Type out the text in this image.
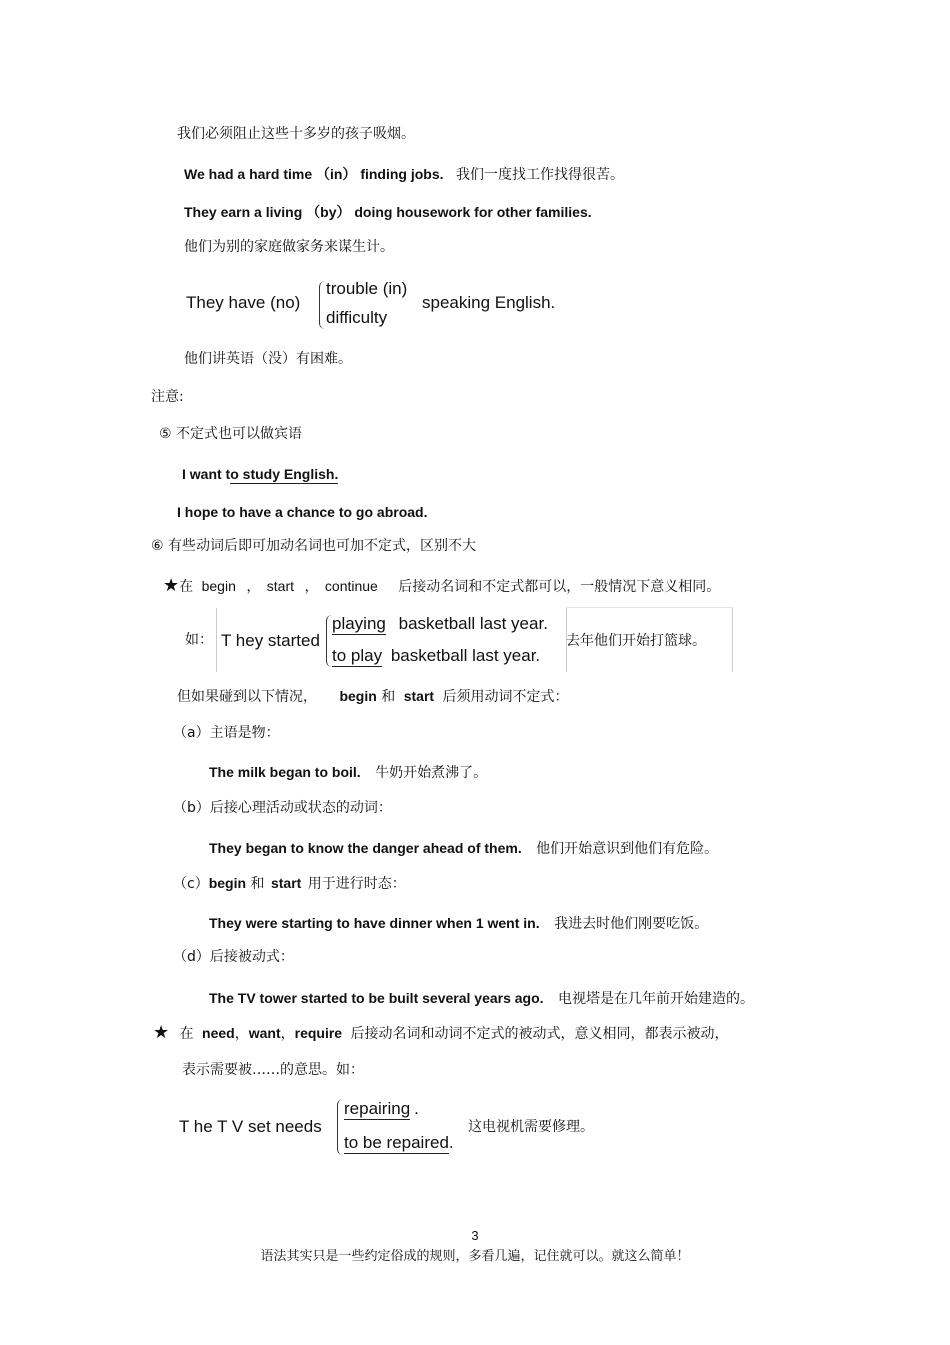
我们必须阻止这些十多岁的孩子吸烟。
We had a hard time （in） finding jobs. 我们一度找工作找得很苦。
They earn a living （by） doing housework for other families.
他们为别的家庭做家务来谋生计。
They have (no)
trouble (in)
difficulty
speaking English.
他们讲英语（没）有困难。
注意:
⑤ 不定式也可以做宾语
I want to study English.
I hope to have a chance to go abroad.
⑥ 有些动词后即可加动名词也可加不定式，区别不大
★在 begin ， start ， continue 后接动名词和不定式都可以，一般情况下意义相同。
如： T hey started
playing basketball last year.
to play basketball last year.
去年他们开始打篮球。
但如果碰到以下情况， begin 和 start 后须用动词不定式：
（a）主语是物：
The milk began to boil. 牛奶开始煮沸了。
（b）后接心理活动或状态的动词：
They began to know the danger ahead of them. 他们开始意识到他们有危险。
（c）begin 和 start 用于进行时态：
They were starting to have dinner when 1 went in. 我进去时他们刚要吃饭。
（d）后接被动式：
The TV tower started to be built several years ago. 电视塔是在几年前开始建造的。
★ 在 need，want，require 后接动名词和动词不定式的被动式，意义相同，都表示被动，
表示需要被……的意思。如：
T he T V set needs
repairing .
to be repaired.
这电视机需要修理。
3
语法其实只是一些约定俗成的规则，多看几遍，记住就可以。就这么简单！
